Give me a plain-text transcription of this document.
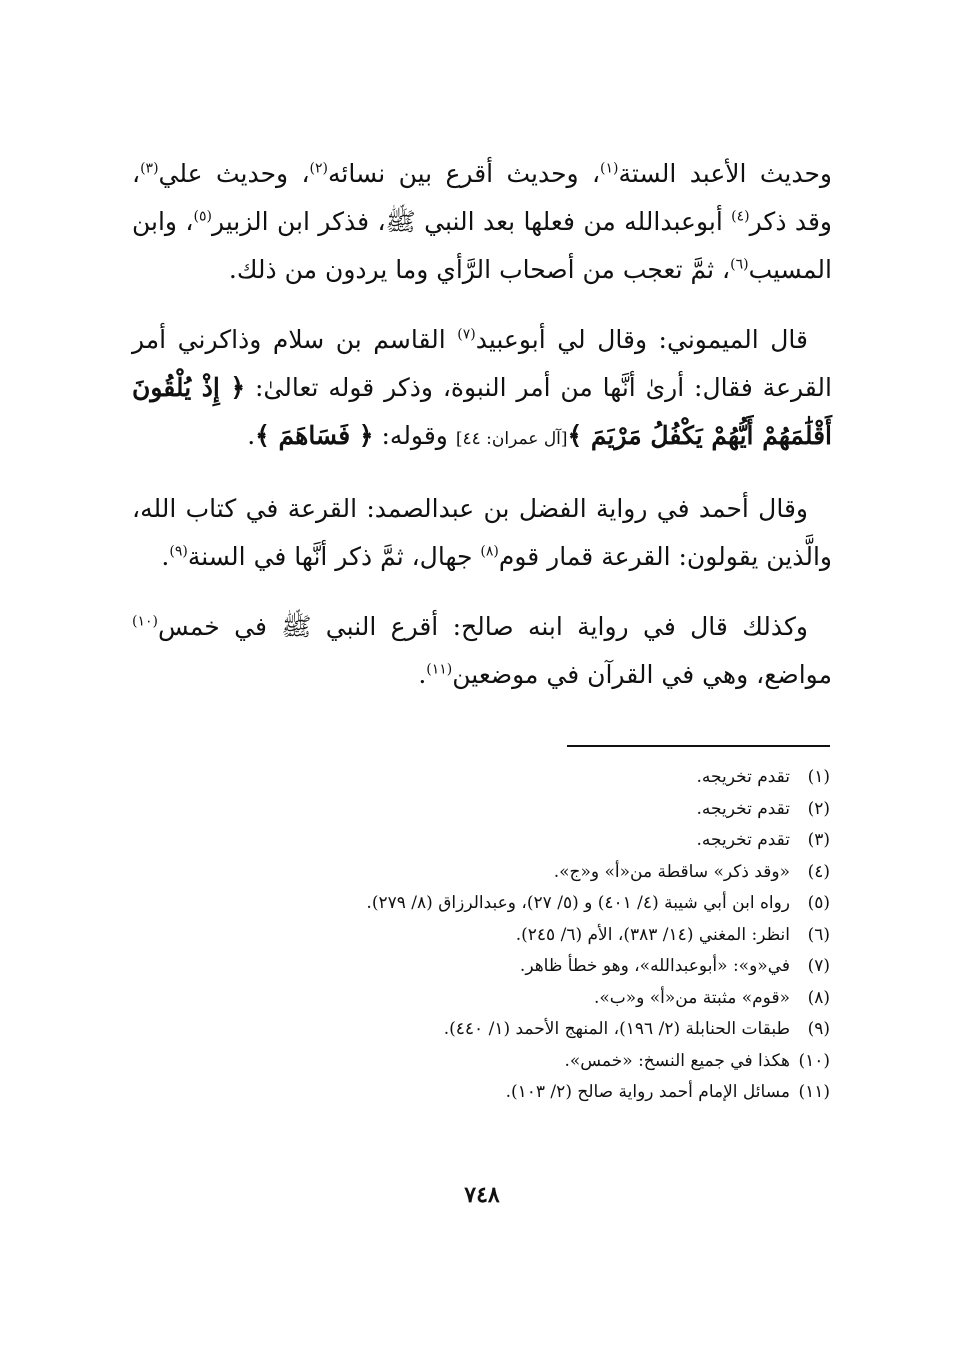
وحديث الأعبد الستة$^{(١)}$، وحديث أقرع بين نسائه$^{(٢)}$، وحديث علي$^{(٣)}$، وقد ذكر$^{(٤)}$ أبوعبدالله من فعلها بعد النبي ﷺ، فذكر ابن الزبير$^{(٥)}$، وابن المسيب$^{(٦)}$، ثمَّ تعجب من أصحاب الرَّأي وما يردون من ذلك.

قال الميموني: وقال لي أبوعبيد$^{(٧)}$ القاسم بن سلام وذاكرني أمر القرعة فقال: أرىٰ أنَّها من أمر النبوة، وذكر قوله تعالىٰ: ﴿ إِذْ يُلْقُونَ أَقْلَٰمَهُمْ أَيُّهُمْ يَكْفُلُ مَرْيَمَ ﴾[آل عمران: ٤٤] وقوله: ﴿ فَسَاهَمَ ﴾.

وقال أحمد في رواية الفضل بن عبدالصمد: القرعة في كتاب الله، والَّذين يقولون: القرعة قمار قوم$^{(٨)}$ جهال، ثمَّ ذكر أنَّها في السنة$^{(٩)}$.

وكذلك قال في رواية ابنه صالح: أقرع النبي ﷺ في خمس$^{(١٠)}$ مواضع، وهي في القرآن في موضعين$^{(١١)}$.

(١)تقدم تخريجه.
(٢)تقدم تخريجه.
(٣)تقدم تخريجه.
(٤)«وقد ذكر» ساقطة من«أ» و«ج».
(٥)رواه ابن أبي شيبة (٤/ ٤٠١) و (٥/ ٢٧)، وعبدالرزاق (٨/ ٢٧٩).
(٦)انظر: المغني (١٤/ ٣٨٣)، الأم (٦/ ٢٤٥).
(٧)في«و»: «أبوعبدالله»، وهو خطأ ظاهر.
(٨)«قوم» مثبتة من«أ» و«ب».
(٩)طبقات الحنابلة (٢/ ١٩٦)، المنهج الأحمد (١/ ٤٤٠).
(١٠)هكذا في جميع النسخ: «خمس».
(١١)مسائل الإمام أحمد رواية صالح (٢/ ١٠٣).
٧٤٨
